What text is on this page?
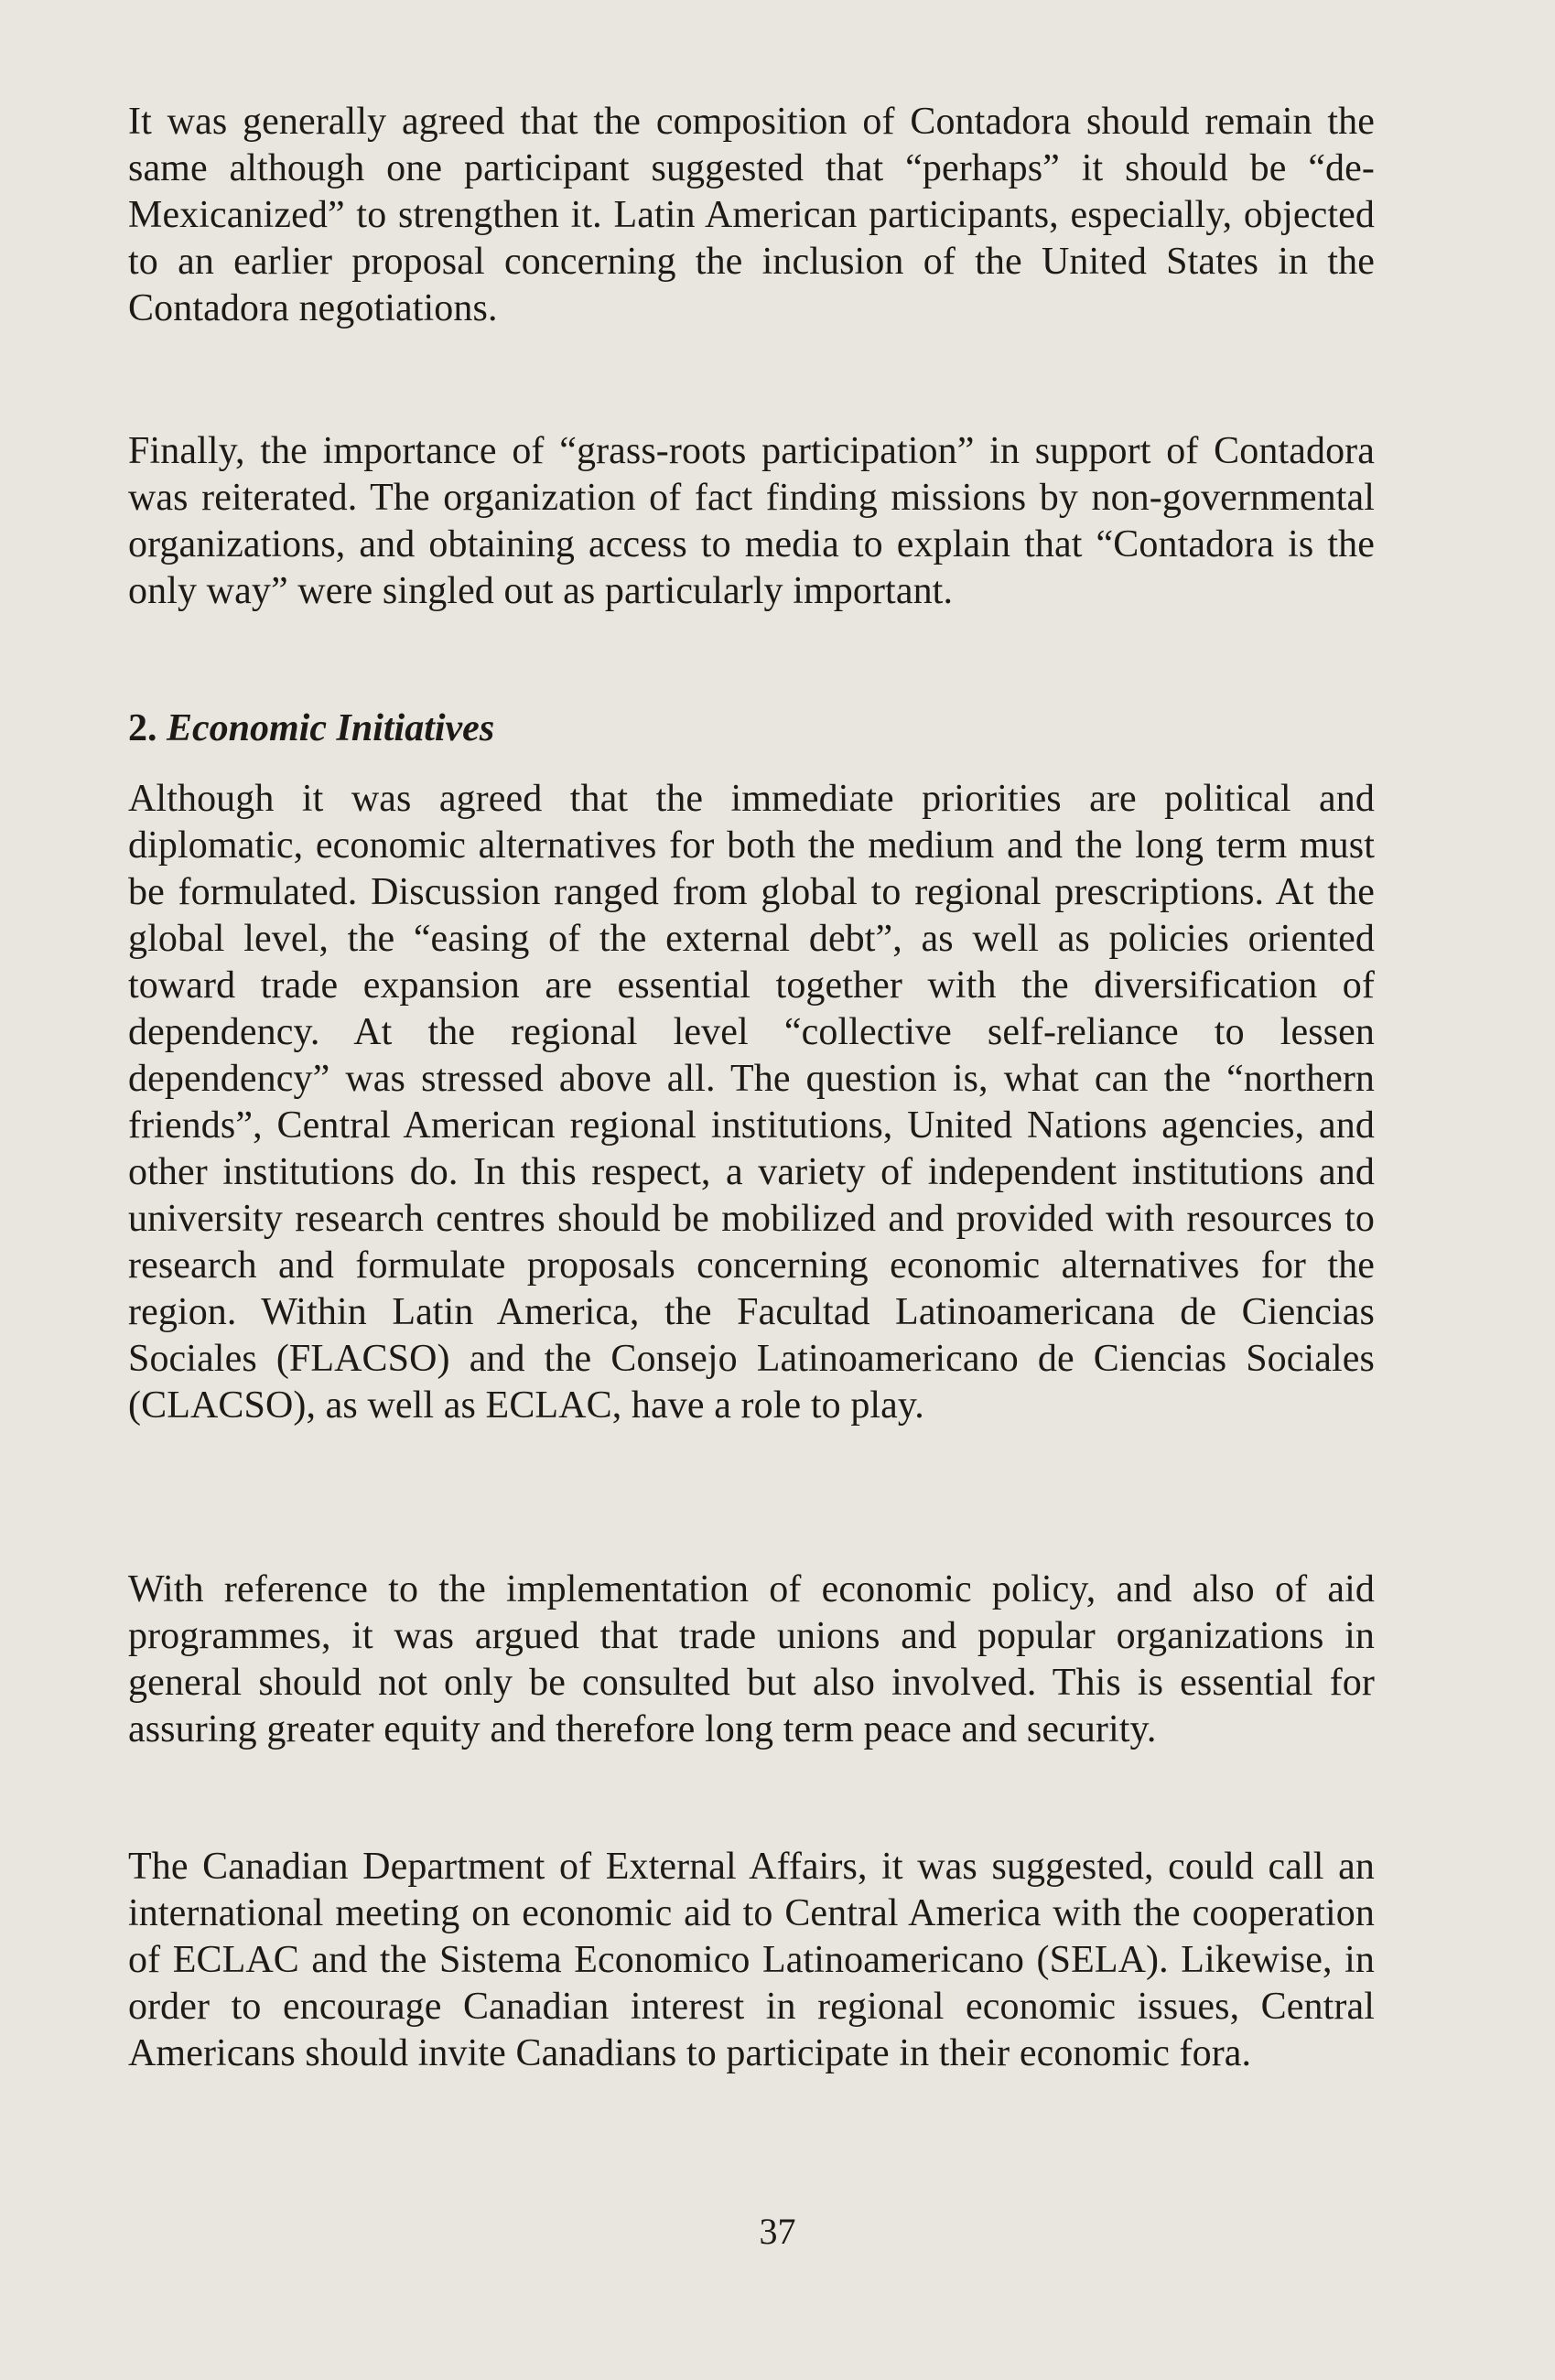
It was generally agreed that the composition of Contadora should remain the same although one participant suggested that “perhaps” it should be “de-Mexicanized” to strengthen it. Latin American participants, especially, objected to an earlier proposal concerning the inclusion of the United States in the Contadora negotiations.

Finally, the importance of “grass-roots participation” in support of Contadora was reiterated. The organization of fact finding missions by non-governmental organizations, and obtaining access to media to explain that “Contadora is the only way” were singled out as particularly important.

2. Economic Initiatives

Although it was agreed that the immediate priorities are political and diplomatic, economic alternatives for both the medium and the long term must be formulated. Discussion ranged from global to regional prescriptions. At the global level, the “easing of the external debt”, as well as policies oriented toward trade expansion are essential together with the diversification of dependency. At the regional level “collective self-reliance to lessen dependency” was stressed above all. The question is, what can the “northern friends”, Central American regional institutions, United Nations agencies, and other institutions do. In this respect, a variety of independent institutions and university research centres should be mobilized and provided with resources to research and formulate proposals concerning economic alternatives for the region. Within Latin America, the Facultad Latinoamericana de Ciencias Sociales (FLACSO) and the Consejo Latinoamericano de Ciencias Sociales (CLACSO), as well as ECLAC, have a role to play.

With reference to the implementation of economic policy, and also of aid programmes, it was argued that trade unions and popular organizations in general should not only be consulted but also involved. This is essential for assuring greater equity and therefore long term peace and security.

The Canadian Department of External Affairs, it was suggested, could call an international meeting on economic aid to Central America with the cooperation of ECLAC and the Sistema Economico Latinoamericano (SELA). Likewise, in order to encourage Canadian interest in regional economic issues, Central Americans should invite Canadians to participate in their economic fora.

37
